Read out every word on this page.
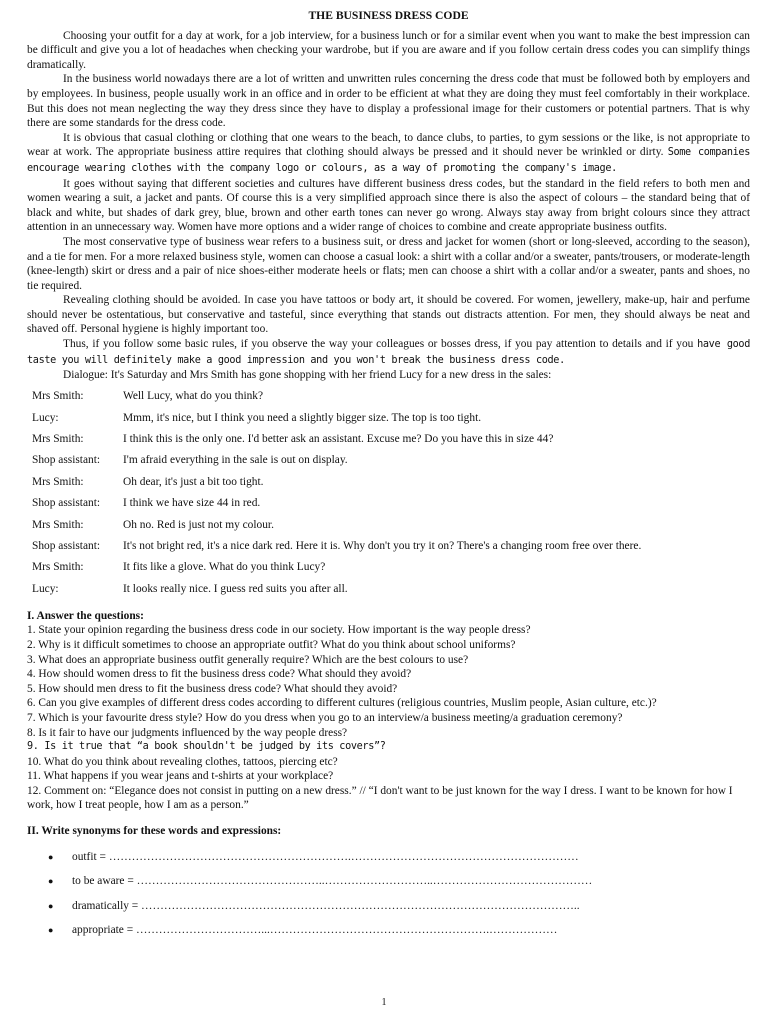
THE BUSINESS DRESS CODE

Choosing your outfit for a day at work, for a job interview, for a business lunch or for a similar event when you want to make the best impression can be difficult and give you a lot of headaches when checking your wardrobe, but if you are aware and if you follow certain dress codes you can simplify things dramatically.

In the business world nowadays there are a lot of written and unwritten rules concerning the dress code that must be followed both by employers and by employees. In business, people usually work in an office and in order to be efficient at what they are doing they must feel comfortably in their workplace. But this does not mean neglecting the way they dress since they have to display a professional image for their customers or potential partners. That is why there are some standards for the dress code.

It is obvious that casual clothing or clothing that one wears to the beach, to dance clubs, to parties, to gym sessions or the like, is not appropriate to wear at work. The appropriate business attire requires that clothing should always be pressed and it should never be wrinkled or dirty. Some companies encourage wearing clothes with the company logo or colours, as a way of promoting the company's image.

It goes without saying that different societies and cultures have different business dress codes, but the standard in the field refers to both men and women wearing a suit, a jacket and pants. Of course this is a very simplified approach since there is also the aspect of colours – the standard being that of black and white, but shades of dark grey, blue, brown and other earth tones can never go wrong. Always stay away from bright colours since they attract attention in an unnecessary way. Women have more options and a wider range of choices to combine and create appropriate business outfits.

The most conservative type of business wear refers to a business suit, or dress and jacket for women (short or long-sleeved, according to the season), and a tie for men. For a more relaxed business style, women can choose a casual look: a shirt with a collar and/or a sweater, pants/trousers, or moderate-length (knee-length) skirt or dress and a pair of nice shoes-either moderate heels or flats; men can choose a shirt with a collar and/or a sweater, pants and shoes, no tie required.

Revealing clothing should be avoided. In case you have tattoos or body art, it should be covered. For women, jewellery, make-up, hair and perfume should never be ostentatious, but conservative and tasteful, since everything that stands out distracts attention. For men, they should always be neat and shaved off. Personal hygiene is highly important too.

Thus, if you follow some basic rules, if you observe the way your colleagues or bosses dress, if you pay attention to details and if you have good taste you will definitely make a good impression and you won't break the business dress code.

Dialogue: It's Saturday and Mrs Smith has gone shopping with her friend Lucy for a new dress in the sales:

Mrs Smith:	Well Lucy, what do you think?
Lucy:	Mmm, it's nice, but I think you need a slightly bigger size. The top is too tight.
Mrs Smith:	I think this is the only one. I'd better ask an assistant. Excuse me? Do you have this in size 44?
Shop assistant:	I'm afraid everything in the sale is out on display.
Mrs Smith:	Oh dear, it's just a bit too tight.
Shop assistant:	I think we have size 44 in red.
Mrs Smith:	Oh no. Red is just not my colour.
Shop assistant:	It's not bright red, it's a nice dark red. Here it is. Why don't you try it on? There's a changing room free over there.
Mrs Smith:	It fits like a glove. What do you think Lucy?
Lucy:	It looks really nice. I guess red suits you after all.
I. Answer the questions:
1. State your opinion regarding the business dress code in our society. How important is the way people dress?
2. Why is it difficult sometimes to choose an appropriate outfit? What do you think about school uniforms?
3. What does an appropriate business outfit generally require? Which are the best colours to use?
4. How should women dress to fit the business dress code? What should they avoid?
5. How should men dress to fit the business dress code? What should they avoid?
6. Can you give examples of different dress codes according to different cultures (religious countries, Muslim people, Asian culture, etc.)?
7. Which is your favourite dress style? How do you dress when you go to an interview/a business meeting/a graduation ceremony?
8. Is it fair to have our judgments influenced by the way people dress?
9. Is it true that “a book shouldn't be judged by its covers”?
10. What do you think about revealing clothes, tattoos, piercing etc?
11. What happens if you wear jeans and t-shirts at your workplace?
12. Comment on: “Elegance does not consist in putting on a new dress.” // “I don't want to be just known for the way I dress. I want to be known for how I work, how I treat people, how I am as a person.”
II. Write synonyms for these words and expressions:
● outfit = ……………………………………………………….……………………………………………………
● to be aware = …………………………………………..………………………..……………………………………
● dramatically = ……………………………………………………………………………………………………..
● appropriate = ……………………………...………………………………………………….………………
1
